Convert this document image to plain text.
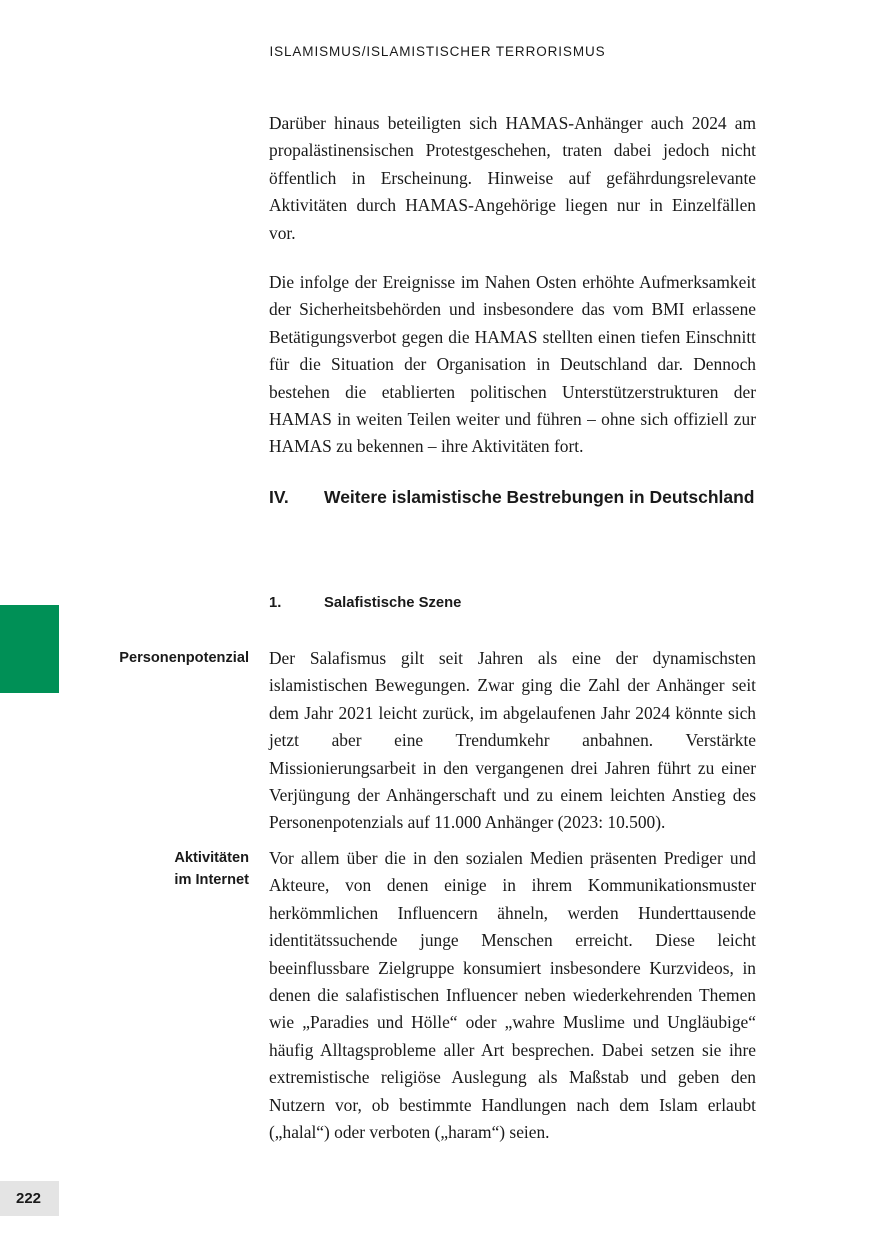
ISLAMISMUS/ISLAMISTISCHER TERRORISMUS

Darüber hinaus beteiligten sich HAMAS-Anhänger auch 2024 am propalästinensischen Protestgeschehen, traten dabei jedoch nicht öffentlich in Erscheinung. Hinweise auf gefährdungsrelevante Aktivitäten durch HAMAS-Angehörige liegen nur in Einzelfällen vor.

Die infolge der Ereignisse im Nahen Osten erhöhte Aufmerksamkeit der Sicherheitsbehörden und insbesondere das vom BMI erlassene Betätigungsverbot gegen die HAMAS stellten einen tiefen Einschnitt für die Situation der Organisation in Deutschland dar. Dennoch bestehen die etablierten politischen Unterstützerstrukturen der HAMAS in weiten Teilen weiter und führen – ohne sich offiziell zur HAMAS zu bekennen – ihre Aktivitäten fort.

IV.	Weitere islamistische Bestrebungen in Deutschland
1.	Salafistische Szene
Personenpotenzial
Aktivitäten
im Internet

Der Salafismus gilt seit Jahren als eine der dynamischsten islamistischen Bewegungen. Zwar ging die Zahl der Anhänger seit dem Jahr 2021 leicht zurück, im abgelaufenen Jahr 2024 könnte sich jetzt aber eine Trendumkehr anbahnen. Verstärkte Missionierungsarbeit in den vergangenen drei Jahren führt zu einer Verjüngung der Anhängerschaft und zu einem leichten Anstieg des Personenpotenzials auf 11.000 Anhänger (2023: 10.500).

Vor allem über die in den sozialen Medien präsenten Prediger und Akteure, von denen einige in ihrem Kommunikationsmuster herkömmlichen Influencern ähneln, werden Hunderttausende identitätssuchende junge Menschen erreicht. Diese leicht beeinflussbare Zielgruppe konsumiert insbesondere Kurzvideos, in denen die salafistischen Influencer neben wiederkehrenden Themen wie „Paradies und Hölle“ oder „wahre Muslime und Ungläubige“ häufig Alltagsprobleme aller Art besprechen. Dabei setzen sie ihre extremistische religiöse Auslegung als Maßstab und geben den Nutzern vor, ob bestimmte Handlungen nach dem Islam erlaubt („halal“) oder verboten („haram“) seien.

222
